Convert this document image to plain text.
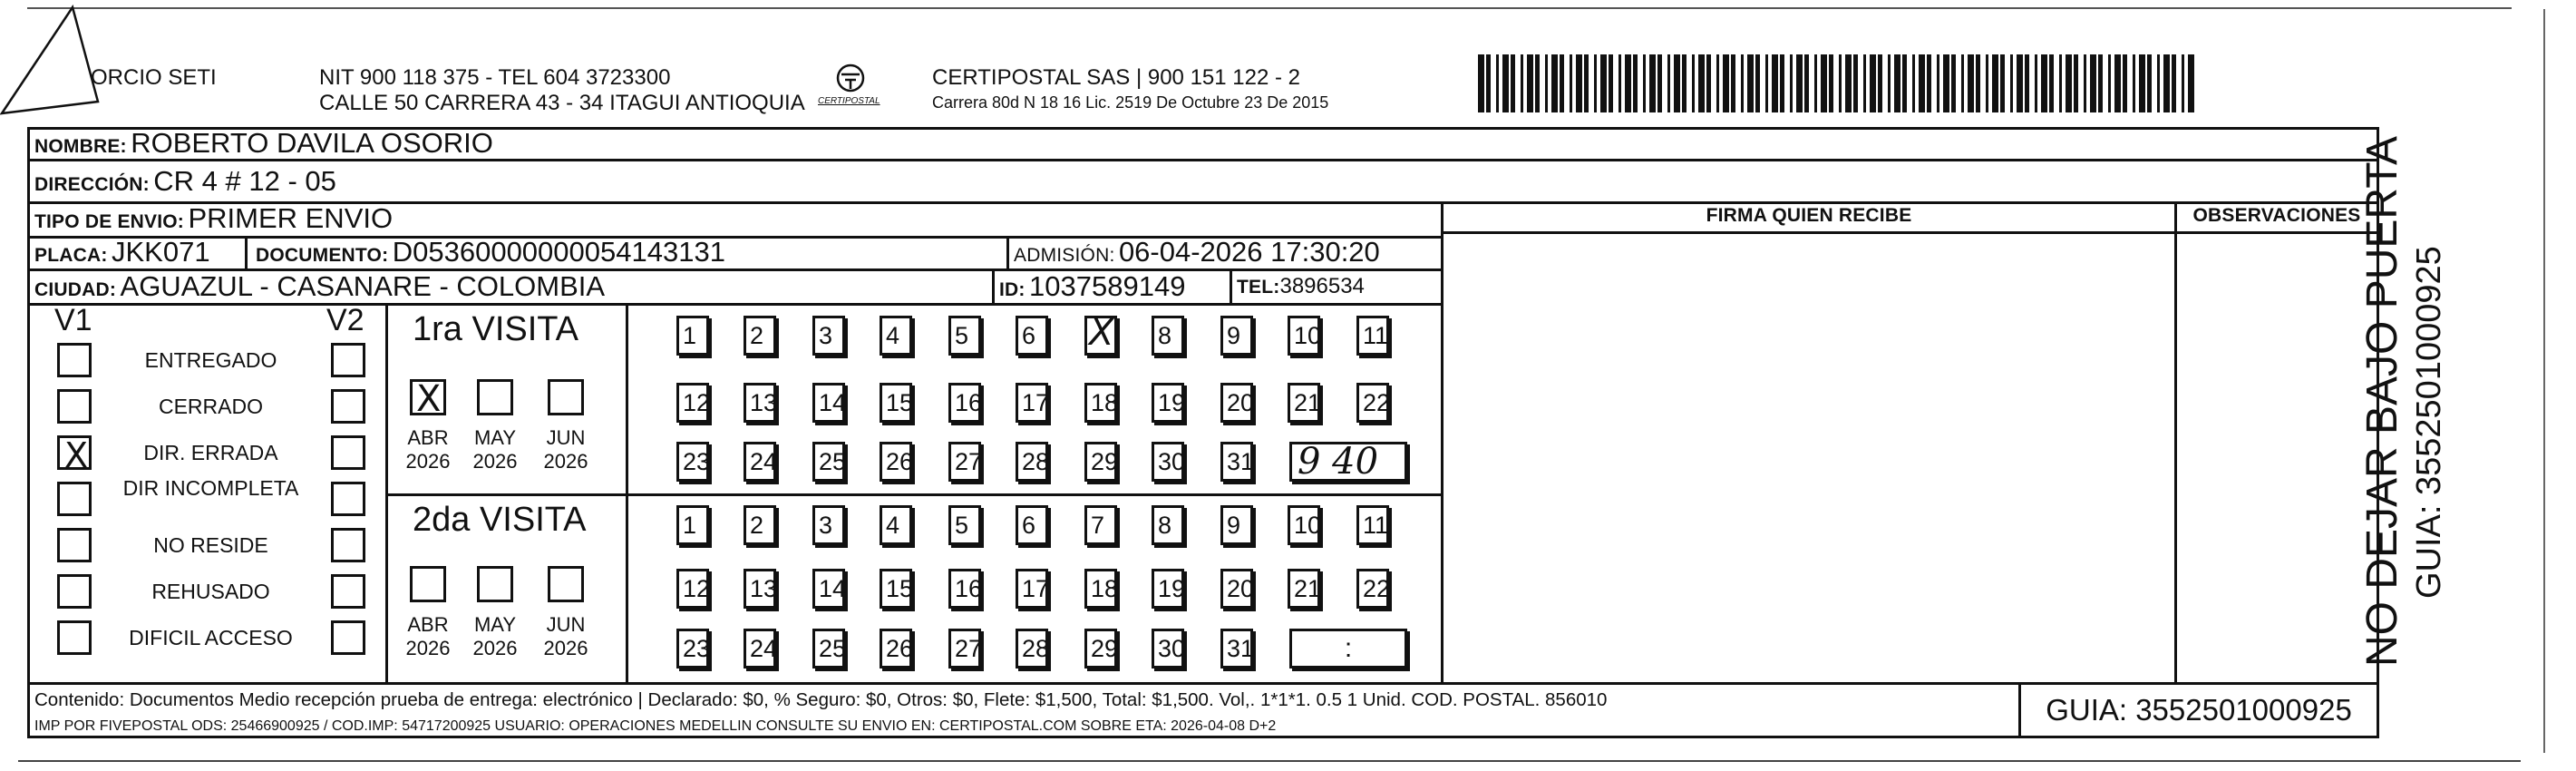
ORCIO SETI	NIT 900 118 375 - TEL 604 3723300
CALLE 50 CARRERA 43 - 34 ITAGUI ANTIOQUIA CERTIPOSTAL
CERTIPOSTAL SAS | 900 151 122 - 2
Carrera 80d N 18 16 Lic. 2519 De Octubre 23 De 2015
NOMBRE: ROBERTO DAVILA OSORIO
DIRECCIÓN: CR 4 # 12 - 05
TIPO DE ENVIO: PRIMER ENVIO	FIRMA QUIEN RECIBE	OBSERVACIONES
PLACA: JKK071 DOCUMENTO: D05360000000054143131	ADMISIÓN: 06-04-2026 17:30:20
CIUDAD: AGUAZUL - CASANARE - COLOMBIA	ID: 1037589149	TEL:3896534
V1	V2
ENTREGADO
CERRADO
X
DIR. ERRADA
DIR INCOMPLETA
NO RESIDE
REHUSADO
DIFICIL ACCESO
1ra VISITA
2da VISITA
X
ABR
2026
MAY
2026
JUN
2026
ABR
2026
MAY
2026
JUN
2026
1	2	3	4	5	6
X	8	9	10 11
12 13 14 15 16 17 18 19 20 21 22
23 24 25 26 27 28 29 30 31
1	2	3	4	5	6	7	8	9	10 11
12 13 14 15 16 17 18 19 20 21 22
23 24 25 26 27 28 29 30 31
9 40
:
Contenido: Documentos Medio recepción prueba de entrega: electrónico | Declarado: $0, % Seguro: $0, Otros: $0, Flete: $1,500, Total: $1,500. Vol,. 1*1*1. 0.5 1 Unid. COD. POSTAL. 856010
IMP POR FIVEPOSTAL ODS: 25466900925 / COD.IMP: 54717200925 USUARIO: OPERACIONES MEDELLIN CONSULTE SU ENVIO EN: CERTIPOSTAL.COM SOBRE ETA: 2026-04-08 D+2	GUIA: 3552501000925
NO DEJAR BAJO PUERTA GUIA: 3552501000925
